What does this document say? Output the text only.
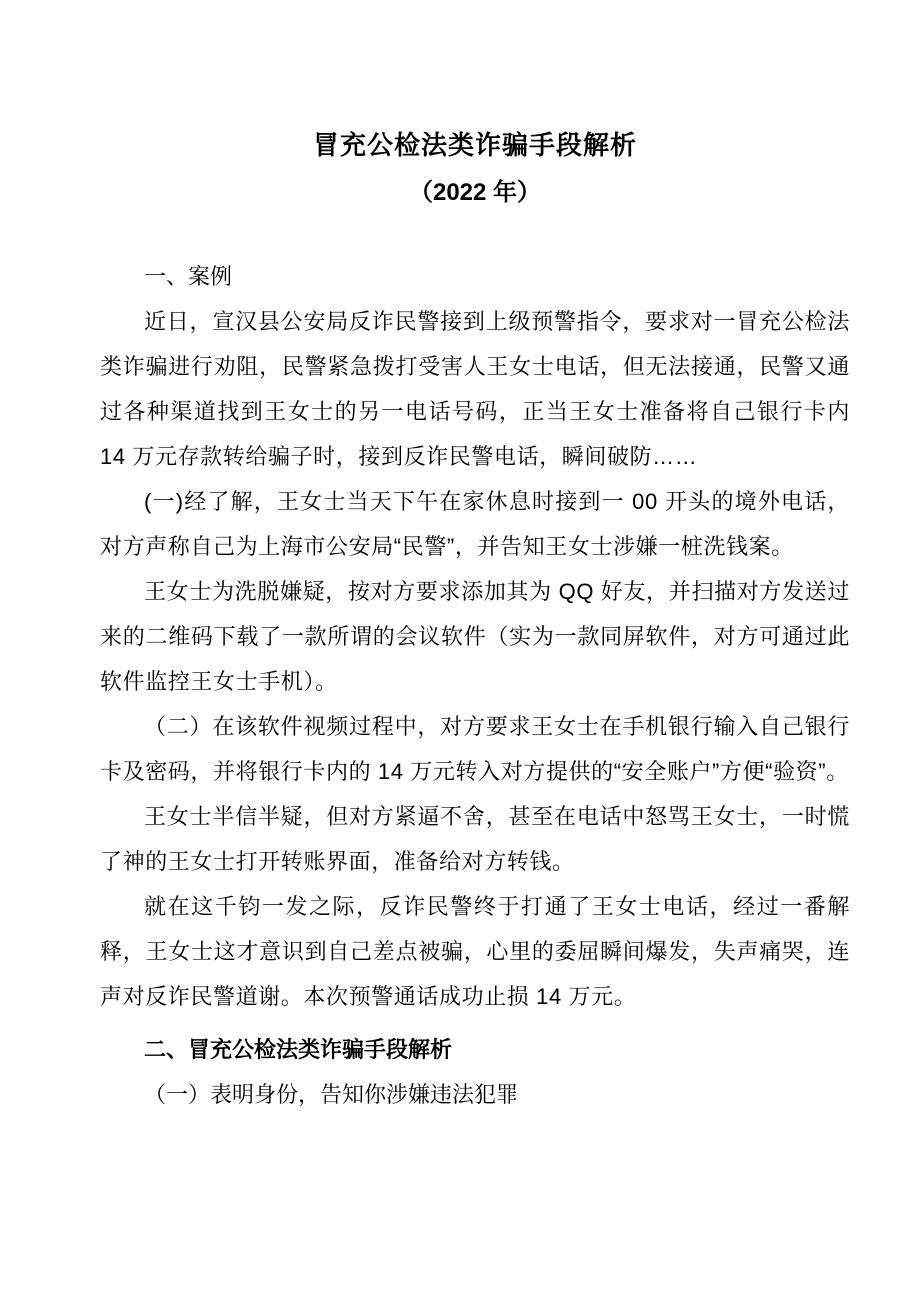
冒充公检法类诈骗手段解析
（2022 年）
一、案例

近日，宣汉县公安局反诈民警接到上级预警指令，要求对一冒充公检法类诈骗进行劝阻，民警紧急拨打受害人王女士电话，但无法接通，民警又通过各种渠道找到王女士的另一电话号码，正当王女士准备将自己银行卡内 14 万元存款转给骗子时，接到反诈民警电话，瞬间破防……

(一)经了解，王女士当天下午在家休息时接到一 00 开头的境外电话，对方声称自己为上海市公安局“民警”，并告知王女士涉嫌一桩洗钱案。

王女士为洗脱嫌疑，按对方要求添加其为 QQ 好友，并扫描对方发送过来的二维码下载了一款所谓的会议软件（实为一款同屏软件，对方可通过此软件监控王女士手机）。

（二）在该软件视频过程中，对方要求王女士在手机银行输入自己银行卡及密码，并将银行卡内的 14 万元转入对方提供的“安全账户”方便“验资”。

王女士半信半疑，但对方紧逼不舍，甚至在电话中怒骂王女士，一时慌了神的王女士打开转账界面，准备给对方转钱。

就在这千钧一发之际，反诈民警终于打通了王女士电话，经过一番解释，王女士这才意识到自己差点被骗，心里的委屈瞬间爆发，失声痛哭，连声对反诈民警道谢。本次预警通话成功止损 14 万元。

二、冒充公检法类诈骗手段解析
（一）表明身份，告知你涉嫌违法犯罪
